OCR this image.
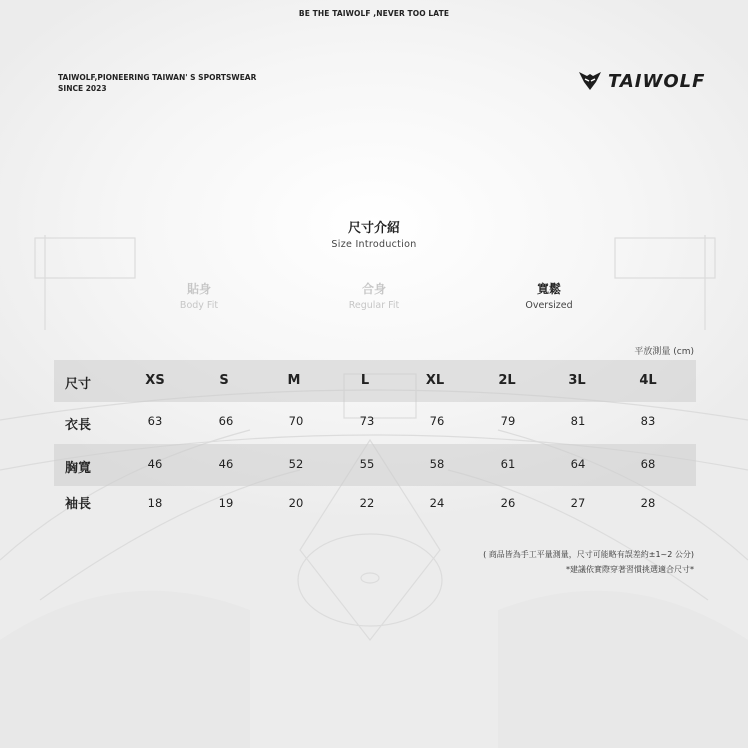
BE THE TAIWOLF ,NEVER TOO LATE
TAIWOLF,PIONEERING TAIWAN' S SPORTSWEAR
SINCE 2023	TAIWOLF
尺寸介紹
Size Introduction
貼身
Body Fit
合身
Regular Fit
寬鬆
Oversized
平放測量 (cm)
尺寸	XS	S	M	L	XL	2L	3L	4L
衣長	63	66	70	73	76	79	81	83
胸寬	46	46	52	55	58	61	64	68
袖長	18	19	20	22	24	26	27	28
( 商品皆為手工平量測量，尺寸可能略有誤差約±1~2 公分)
*建議依實際穿著習慣挑選適合尺寸*
